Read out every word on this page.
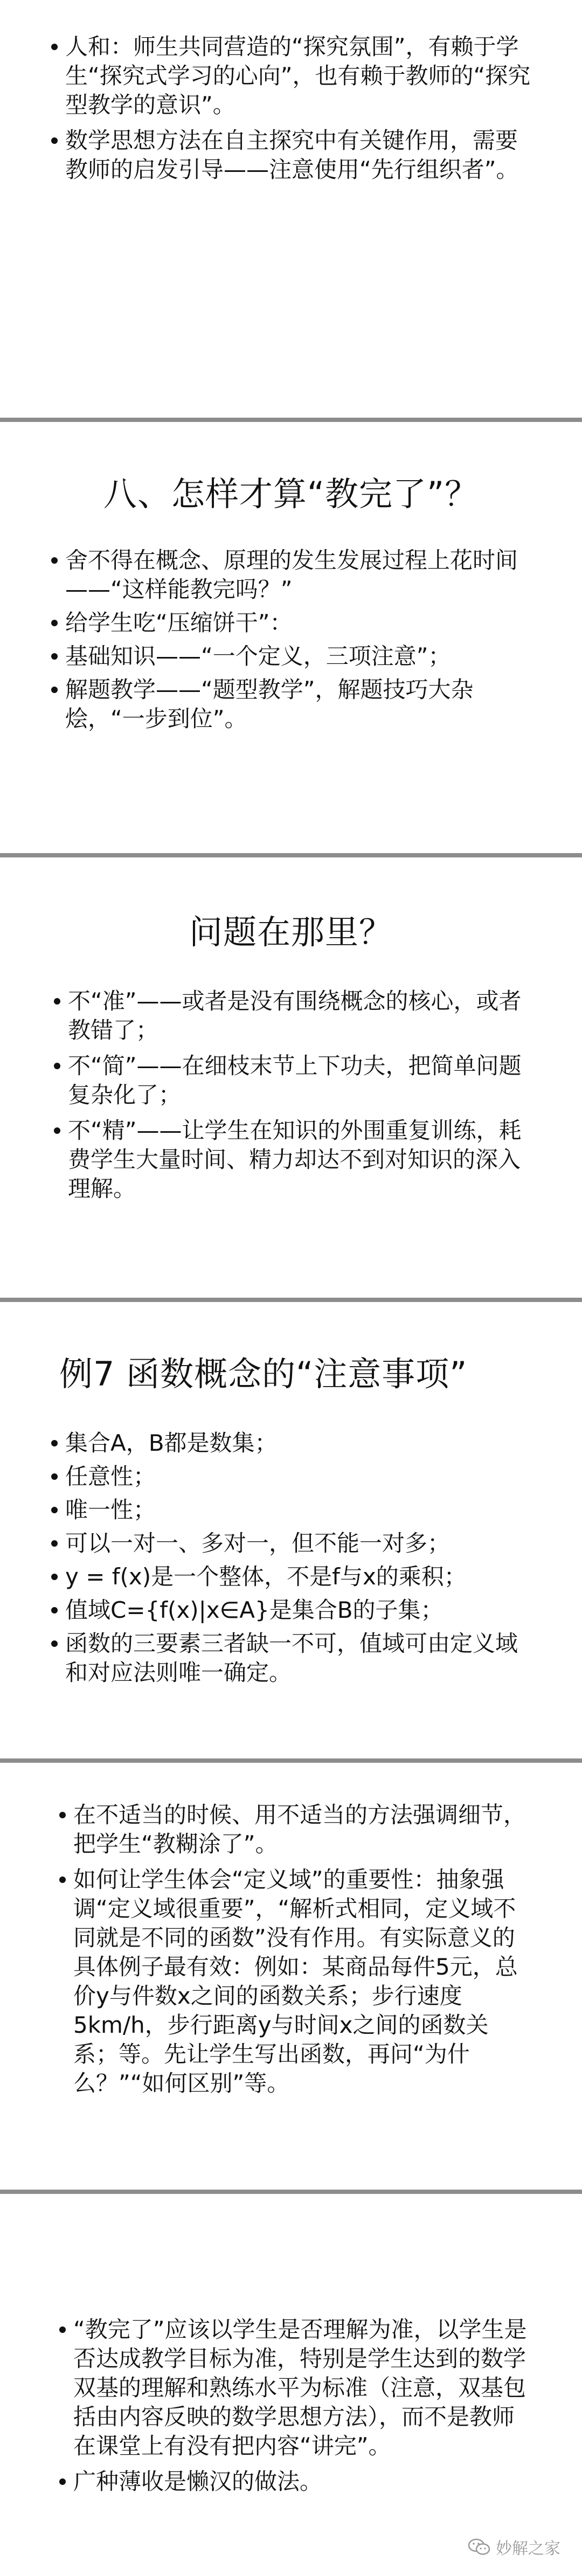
人和：师生共同营造的“探究氛围”，有赖于学生“探究式学习的心向”，也有赖于教师的“探究型教学的意识”。
数学思想方法在自主探究中有关键作用，需要教师的启发引导——注意使用“先行组织者”。
八、怎样才算“教完了”？
舍不得在概念、原理的发生发展过程上花时间——“这样能教完吗？”
给学生吃“压缩饼干”：
基础知识——“一个定义，三项注意”；
解题教学——“题型教学”，解题技巧大杂烩，“一步到位”。
问题在那里？
不“准”——或者是没有围绕概念的核心，或者教错了；
不“简”——在细枝末节上下功夫，把简单问题复杂化了；
不“精”——让学生在知识的外围重复训练，耗费学生大量时间、精力却达不到对知识的深入理解。
例7 函数概念的“注意事项”
集合A，B都是数集；
任意性；
唯一性；
可以一对一、多对一，但不能一对多；
y = f(x)是一个整体，不是f与x的乘积；
值域C={f(x)|x∈A}是集合B的子集；
函数的三要素三者缺一不可，值域可由定义域和对应法则唯一确定。
在不适当的时候、用不适当的方法强调细节，把学生“教糊涂了”。
如何让学生体会“定义域”的重要性：抽象强调“定义域很重要”，“解析式相同，定义域不同就是不同的函数”没有作用。有实际意义的具体例子最有效：例如：某商品每件5元，总价y与件数x之间的函数关系；步行速度5km/h，步行距离y与时间x之间的函数关系；等。先让学生写出函数，再问“为什么？”“如何区别”等。
“教完了”应该以学生是否理解为准，以学生是否达成教学目标为准，特别是学生达到的数学双基的理解和熟练水平为标准（注意，双基包括由内容反映的数学思想方法），而不是教师在课堂上有没有把内容“讲完”。
广种薄收是懒汉的做法。
妙解之家
